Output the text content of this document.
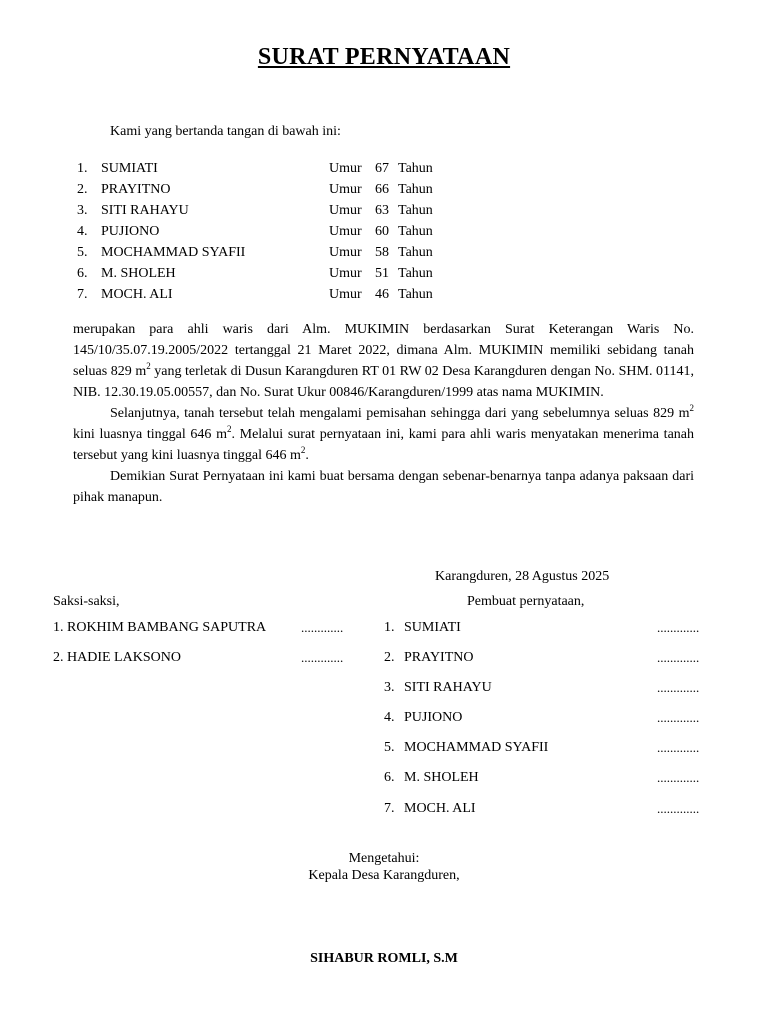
SURAT PERNYATAAN
Kami yang bertanda tangan di bawah ini:
1. SUMIATI	Umur 67 Tahun
2. PRAYITNO	Umur 66 Tahun
3. SITI RAHAYU	Umur 63 Tahun
4. PUJIONO	Umur 60 Tahun
5. MOCHAMMAD SYAFII	Umur 58 Tahun
6. M. SHOLEH	Umur 51 Tahun
7. MOCH. ALI	Umur 46 Tahun

merupakan para ahli waris dari Alm. MUKIMIN berdasarkan Surat Keterangan Waris No. 145/10/35.07.19.2005/2022 tertanggal 21 Maret 2022, dimana Alm. MUKIMIN memiliki sebidang tanah seluas 829 $m^2$ yang terletak di Dusun Karangduren RT 01 RW 02 Desa Karangduren dengan No. SHM. 01141, NIB. 12.30.19.05.00557, dan No. Surat Ukur 00846/Karangduren/1999 atas nama MUKIMIN.

Selanjutnya, tanah tersebut telah mengalami pemisahan sehingga dari yang sebelumnya seluas 829 $m^2$ kini luasnya tinggal 646 $m^2$. Melalui surat pernyataan ini, kami para ahli waris menyatakan menerima tanah tersebut yang kini luasnya tinggal 646 $m^2$.

Demikian Surat Pernyataan ini kami buat bersama dengan sebenar-benarnya tanpa adanya paksaan dari pihak manapun.

Karangduren, 28 Agustus 2025
Saksi-saksi,	Pembuat pernyataan,
1. ROKHIM BAMBANG SAPUTRA	.............
2. HADIE LAKSONO	.............
1. SUMIATI	.............
2. PRAYITNO	.............
3. SITI RAHAYU	.............
4. PUJIONO	.............
5. MOCHAMMAD SYAFII	.............
6. M. SHOLEH	.............
7. MOCH. ALI	.............
Mengetahui:
Kepala Desa Karangduren,
SIHABUR ROMLI, S.M
